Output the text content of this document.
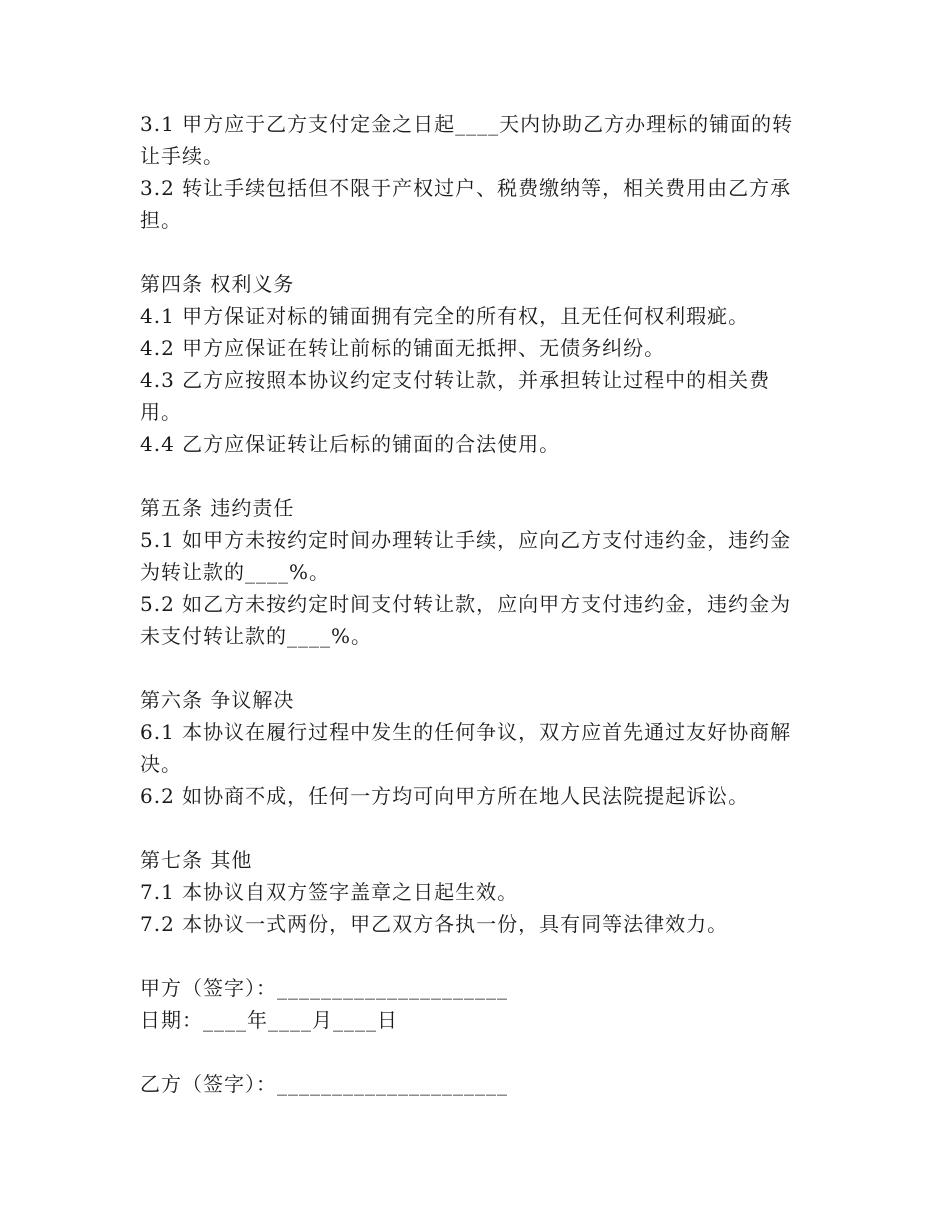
3.1 甲方应于乙方支付定金之日起____天内协助乙方办理标的铺面的转让手续。

3.2 转让手续包括但不限于产权过户、税费缴纳等，相关费用由乙方承担。

第四条 权利义务

4.1 甲方保证对标的铺面拥有完全的所有权，且无任何权利瑕疵。

4.2 甲方应保证在转让前标的铺面无抵押、无债务纠纷。

4.3 乙方应按照本协议约定支付转让款，并承担转让过程中的相关费用。

4.4 乙方应保证转让后标的铺面的合法使用。

第五条 违约责任

5.1 如甲方未按约定时间办理转让手续，应向乙方支付违约金，违约金为转让款的____%。

5.2 如乙方未按约定时间支付转让款，应向甲方支付违约金，违约金为未支付转让款的____%。

第六条 争议解决

6.1 本协议在履行过程中发生的任何争议，双方应首先通过友好协商解决。

6.2 如协商不成，任何一方均可向甲方所在地人民法院提起诉讼。

第七条 其他

7.1 本协议自双方签字盖章之日起生效。

7.2 本协议一式两份，甲乙双方各执一份，具有同等法律效力。

甲方（签字）：_____________________

日期：____年____月____日

乙方（签字）：_____________________
